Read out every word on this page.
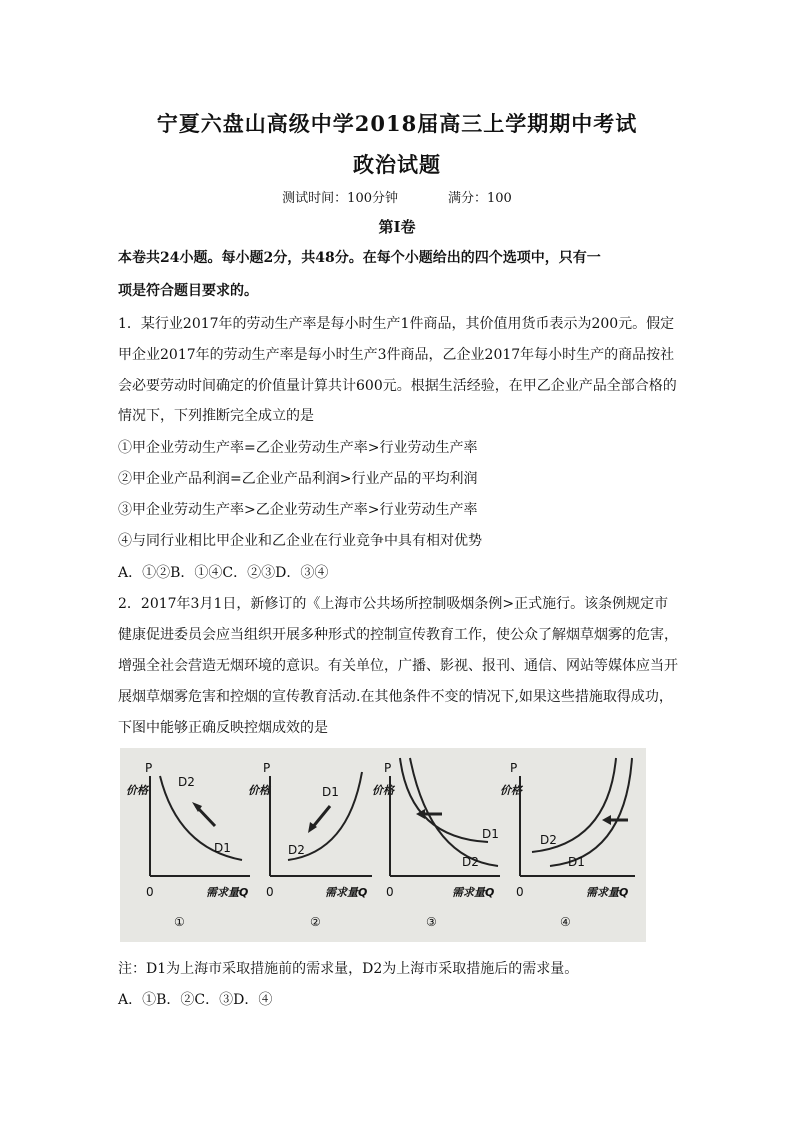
宁夏六盘山高级中学2018届高三上学期期中考试
政治试题
测试时间：100分钟	满分：100
第I卷
本卷共24小题。每小题2分，共48分。在每个小题给出的四个选项中，只有一
项是符合题目要求的。
1．某行业2017年的劳动生产率是每小时生产1件商品，其价值用货币表示为200元。假定
甲企业2017年的劳动生产率是每小时生产3件商品，乙企业2017年每小时生产的商品按社
会必要劳动时间确定的价值量计算共计600元。根据生活经验，在甲乙企业产品全部合格的
情况下，下列推断完全成立的是
①甲企业劳动生产率=乙企业劳动生产率>行业劳动生产率
②甲企业产品利润=乙企业产品利润>行业产品的平均利润
③甲企业劳动生产率>乙企业劳动生产率>行业劳动生产率
④与同行业相比甲企业和乙企业在行业竞争中具有相对优势
A．①②B．①④C．②③D．③④
2．2017年3月1日，新修订的《上海市公共场所控制吸烟条例>正式施行。该条例规定市
健康促进委员会应当组织开展多种形式的控制宣传教育工作，使公众了解烟草烟雾的危害，
增强全社会营造无烟环境的意识。有关单位，广播、影视、报刊、通信、网站等媒体应当开
展烟草烟雾危害和控烟的宣传教育活动.在其他条件不变的情况下,如果这些措施取得成功，
下图中能够正确反映控烟成效的是
P
价格
0	需求量Q
D2
D1
①
P
价格
0	需求量Q
D1
D2
②
P
价格
0	需求量Q
D1
D2
③
P
价格
0	需求量Q
D2
D1
④
注：D1为上海市采取措施前的需求量，D2为上海市采取措施后的需求量。
A．①B．②C．③D．④
